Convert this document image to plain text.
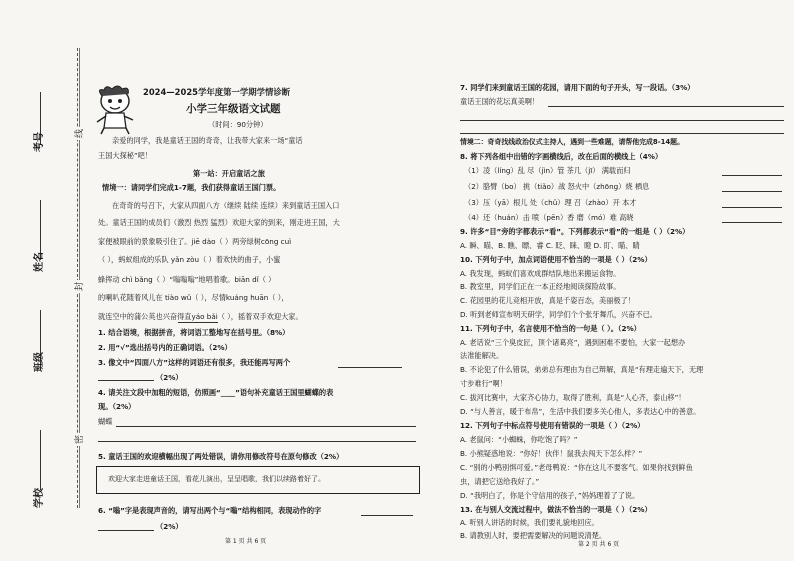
考号
姓名
班级
学校
线
封
密
2024—2025学年度第一学期学情诊断
小学三年级语文试题
（时间：90分钟）
亲爱的同学，我是童话王国的奇奇，让我带大家来一场“童话
王国大探秘”吧！
第一站：开启童话之旅
情境一：请同学们完成1-7题，我们获得童话王国门票。
在奇奇的号召下，大家从四面八方（继续 陆续 连续）来到童话王国入口
处。童话王国的成员们（激烈 热烈 猛烈）欢迎大家的到来，刚走进王国，大
家便被眼前的景象吸引住了。jiē dào（ ）两旁绿树cōng cuì
（ ），蚂蚁组成的乐队 yǎn zòu（ ）着欢快的曲子，小蜜
蜂挥动 chì bǎng（ ）“嗡嗡嗡”地唱着歌。biān dǐ（ ）
的喇叭花随着风儿在 tiào wǔ（ ），尽情kuáng huān（ ），
就连空中的蒲公英也兴奋得直yáo bǎi（ ），摇着双手欢迎大家。
1. 结合语境，根据拼音，将词语工整地写在括号里。（8%）
2. 用“√”选出括号内的正确词语。（2%）
3. 像文中“四面八方”这样的词语还有很多，我还能再写两个
（2%）
4. 请关注文段中加粗的短语，仿照画“____”语句补充童话王国里蝴蝶的表
现。（2%）
蝴蝶
5. 童话王国的欢迎横幅出现了两处错误，请你用修改符号在原句修改（2%）
欢迎大家走进童话王国，看花儿演出，呈呈唱歌，我们以续路着好了。
6. “嗡”字是表现声音的，请写出两个与“嗡”结构相同，表现动作的字
（2%）
第 1 页 共 6 页
7. 同学们来到童话王国的花园，请用下面的句子开头，写一段话。（3%）
童话王国的花坛真美啊！
情境二：奇奇找线政治仪式主持人，遇到一些难题，请帮他完成8-14题。
8. 将下列各组中出错的字画横线后，改在后面的横线上（4%）
（1）凌（líng）乱 尽（jìn）管 茶几（jī） 满载而归
（2）胳臂（bo） 挑（tiǎo）战 怒火中（zhōng）烧 栖息
（3）压（yā）根儿 处（chǔ）理 召（zhào）开 本才
（4）还（huán）击 喷（pēn）香 磨（mó）难 高晓
9. 许多“目”旁的字都表示“看”。下列都表示“看”的一组是（ ）（2%）
A. 瞬、瞄、B. 瞧、瞟、睿 C. 眨、睐、瞪 D. 盯、瞄、睛
10. 下列句子中，加点词语使用不恰当的一项是（ ）（2%）
A. 我发现，蚂蚁们喜欢成群结队地出来搬运食物。
B. 教室里，同学们正在一本正经地阅读探险故事。
C. 花园里的花儿竞相开放，真是千姿百态，美丽极了！
D. 听到老师宣布明天研学，同学们个个张牙舞爪，兴奋不已。
11. 下列句子中，名言使用不恰当的一句是（ ）。（2%）
A. 老话说“三个臭皮匠，顶个诸葛亮”，遇到困难不要怕，大家一起想办
法准能解决。
B. 不论犯了什么错误，弟弟总有理由为自己辩解，真是“有理走遍天下，无理
寸步难行”啊！
C. 拔河比赛中，大家齐心协力，取得了胜利，真是“人心齐，泰山移”！
D. “与人善言，暖于布帛”，生活中我们要多关心他人，多表达心中的善意。
12. 下列句子中标点符号使用有错误的一项是（ ）（2%）
A. 老鼠问：“小蜘蛛，你吃饱了吗？”
B. 小熊疑惑地说：“你好！伙伴！鼠我去闯天下怎么样？”
C. “别的小鸭别惧可爱。”老母鸭说：“你在这儿不要客气。如果你找到鲜鱼
虫，请把它送给我好了。”
D. “我明白了，你是个守信用的孩子，”妈妈理着了了说。
13. 在与别人交流过程中，做法不恰当的一项是（ ）（2%）
A. 听别人讲话的时候，我们要礼貌地回应。
B. 请教别人时，要把需要解决的问题说清楚。
第 2 页 共 6 页
